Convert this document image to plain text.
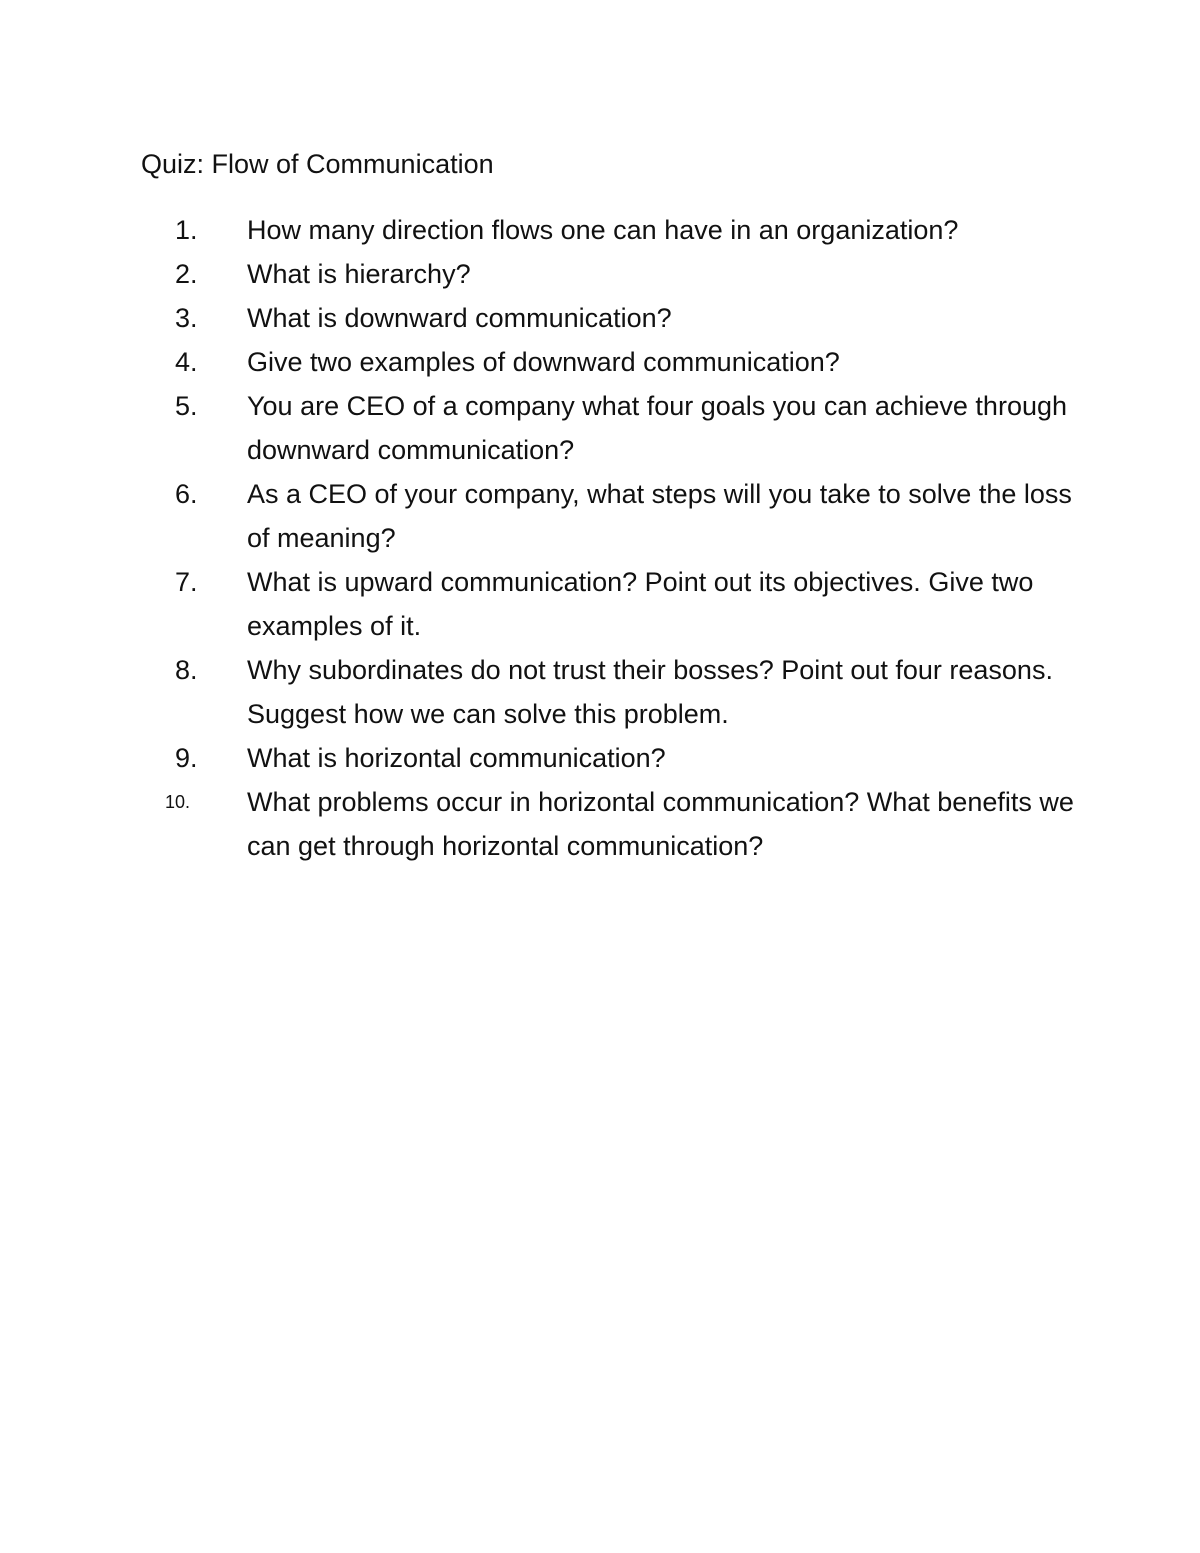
Quiz: Flow of Communication
1. How many direction flows one can have in an organization?
2. What is hierarchy?
3. What is downward communication?
4. Give two examples of downward communication?
5. You are CEO of a company what four goals you can achieve through downward communication?
6. As a CEO of your company, what steps will you take to solve the loss of meaning?
7. What is upward communication? Point out its objectives. Give two examples of it.
8. Why subordinates do not trust their bosses? Point out four reasons. Suggest how we can solve this problem.
9. What is horizontal communication?
10. What problems occur in horizontal communication? What benefits we can get through horizontal communication?
